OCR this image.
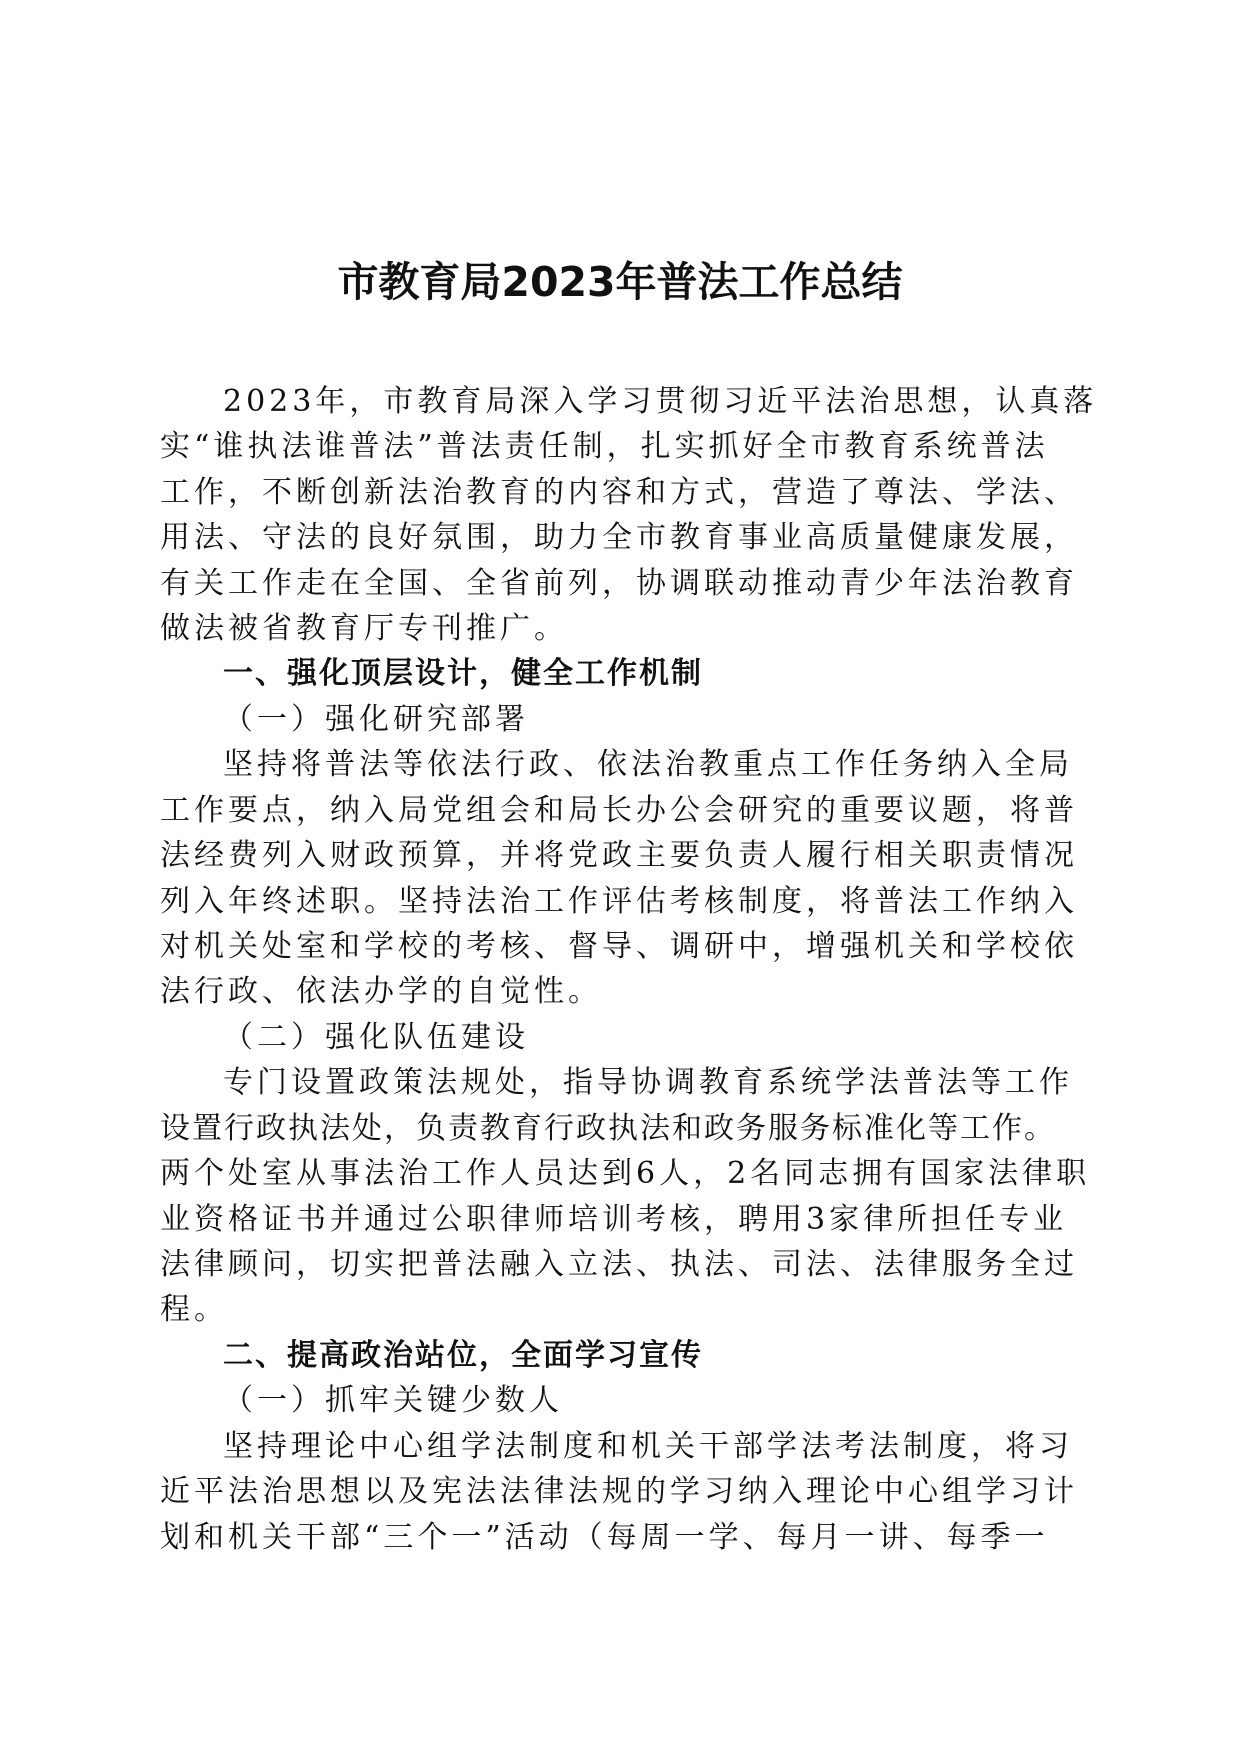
市教育局2023年普法工作总结
2023年，市教育局深入学习贯彻习近平法治思想，认真落
实“谁执法谁普法”普法责任制，扎实抓好全市教育系统普法
工作，不断创新法治教育的内容和方式，营造了尊法、学法、
用法、守法的良好氛围，助力全市教育事业高质量健康发展，
有关工作走在全国、全省前列，协调联动推动青少年法治教育
做法被省教育厅专刊推广。
一、强化顶层设计，健全工作机制
（一）强化研究部署
坚持将普法等依法行政、依法治教重点工作任务纳入全局
工作要点，纳入局党组会和局长办公会研究的重要议题，将普
法经费列入财政预算，并将党政主要负责人履行相关职责情况
列入年终述职。坚持法治工作评估考核制度，将普法工作纳入
对机关处室和学校的考核、督导、调研中，增强机关和学校依
法行政、依法办学的自觉性。
（二）强化队伍建设
专门设置政策法规处，指导协调教育系统学法普法等工作
设置行政执法处，负责教育行政执法和政务服务标准化等工作。
两个处室从事法治工作人员达到6人，2名同志拥有国家法律职
业资格证书并通过公职律师培训考核，聘用3家律所担任专业
法律顾问，切实把普法融入立法、执法、司法、法律服务全过
程。
二、提高政治站位，全面学习宣传
（一）抓牢关键少数人
坚持理论中心组学法制度和机关干部学法考法制度，将习
近平法治思想以及宪法法律法规的学习纳入理论中心组学习计
划和机关干部“三个一”活动（每周一学、每月一讲、每季一
